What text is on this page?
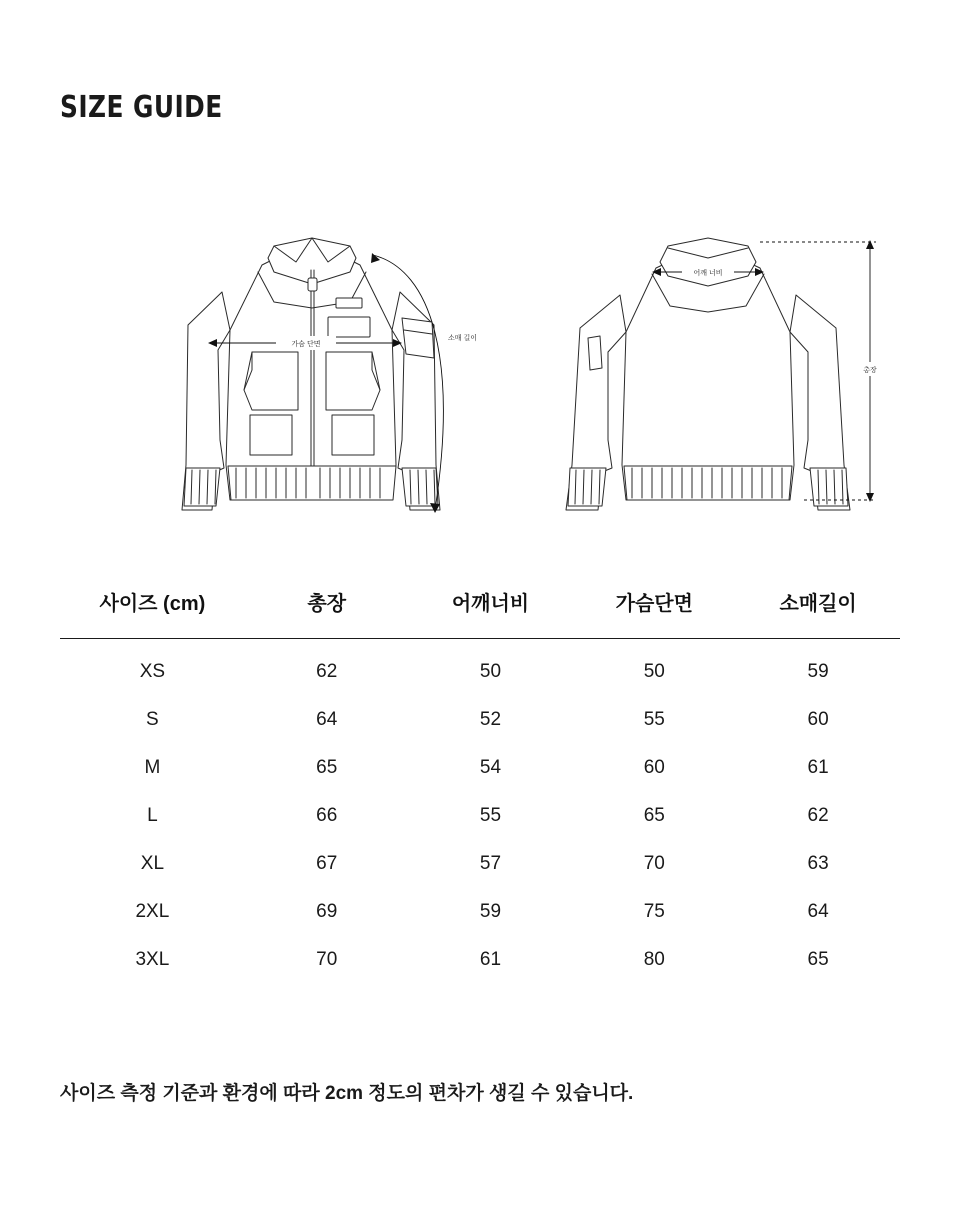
SIZE GUIDE
가슴 단면
소매 길이
어깨 너비
총장
사이즈 (cm)	총장	어깨너비	가슴단면	소매길이
XS	62	50	50	59
S	64	52	55	60
M	65	54	60	61
L	66	55	65	62
XL	67	57	70	63
2XL	69	59	75	64
3XL	70	61	80	65
사이즈 측정 기준과 환경에 따라 2cm 정도의 편차가 생길 수 있습니다.
